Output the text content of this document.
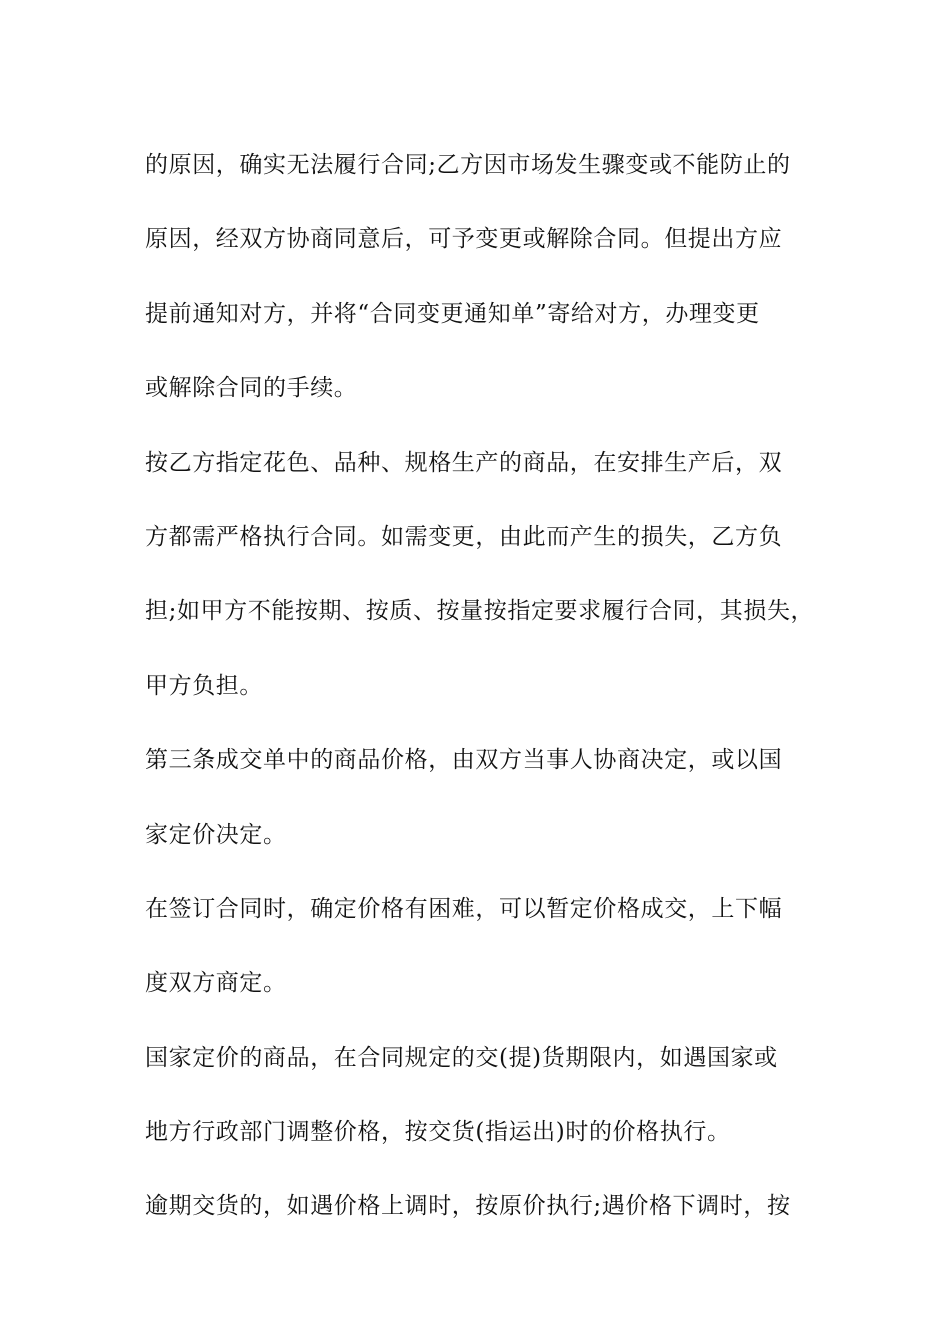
的原因，确实无法履行合同;乙方因市场发生骤变或不能防止的
原因，经双方协商同意后，可予变更或解除合同。但提出方应
提前通知对方，并将“合同变更通知单”寄给对方，办理变更
或解除合同的手续。
按乙方指定花色、品种、规格生产的商品，在安排生产后，双
方都需严格执行合同。如需变更，由此而产生的损失，乙方负
担;如甲方不能按期、按质、按量按指定要求履行合同，其损失，
甲方负担。
第三条成交单中的商品价格，由双方当事人协商决定，或以国
家定价决定。
在签订合同时，确定价格有困难，可以暂定价格成交，上下幅
度双方商定。
国家定价的商品，在合同规定的交(提)货期限内，如遇国家或
地方行政部门调整价格，按交货(指运出)时的价格执行。
逾期交货的，如遇价格上调时，按原价执行;遇价格下调时，按
